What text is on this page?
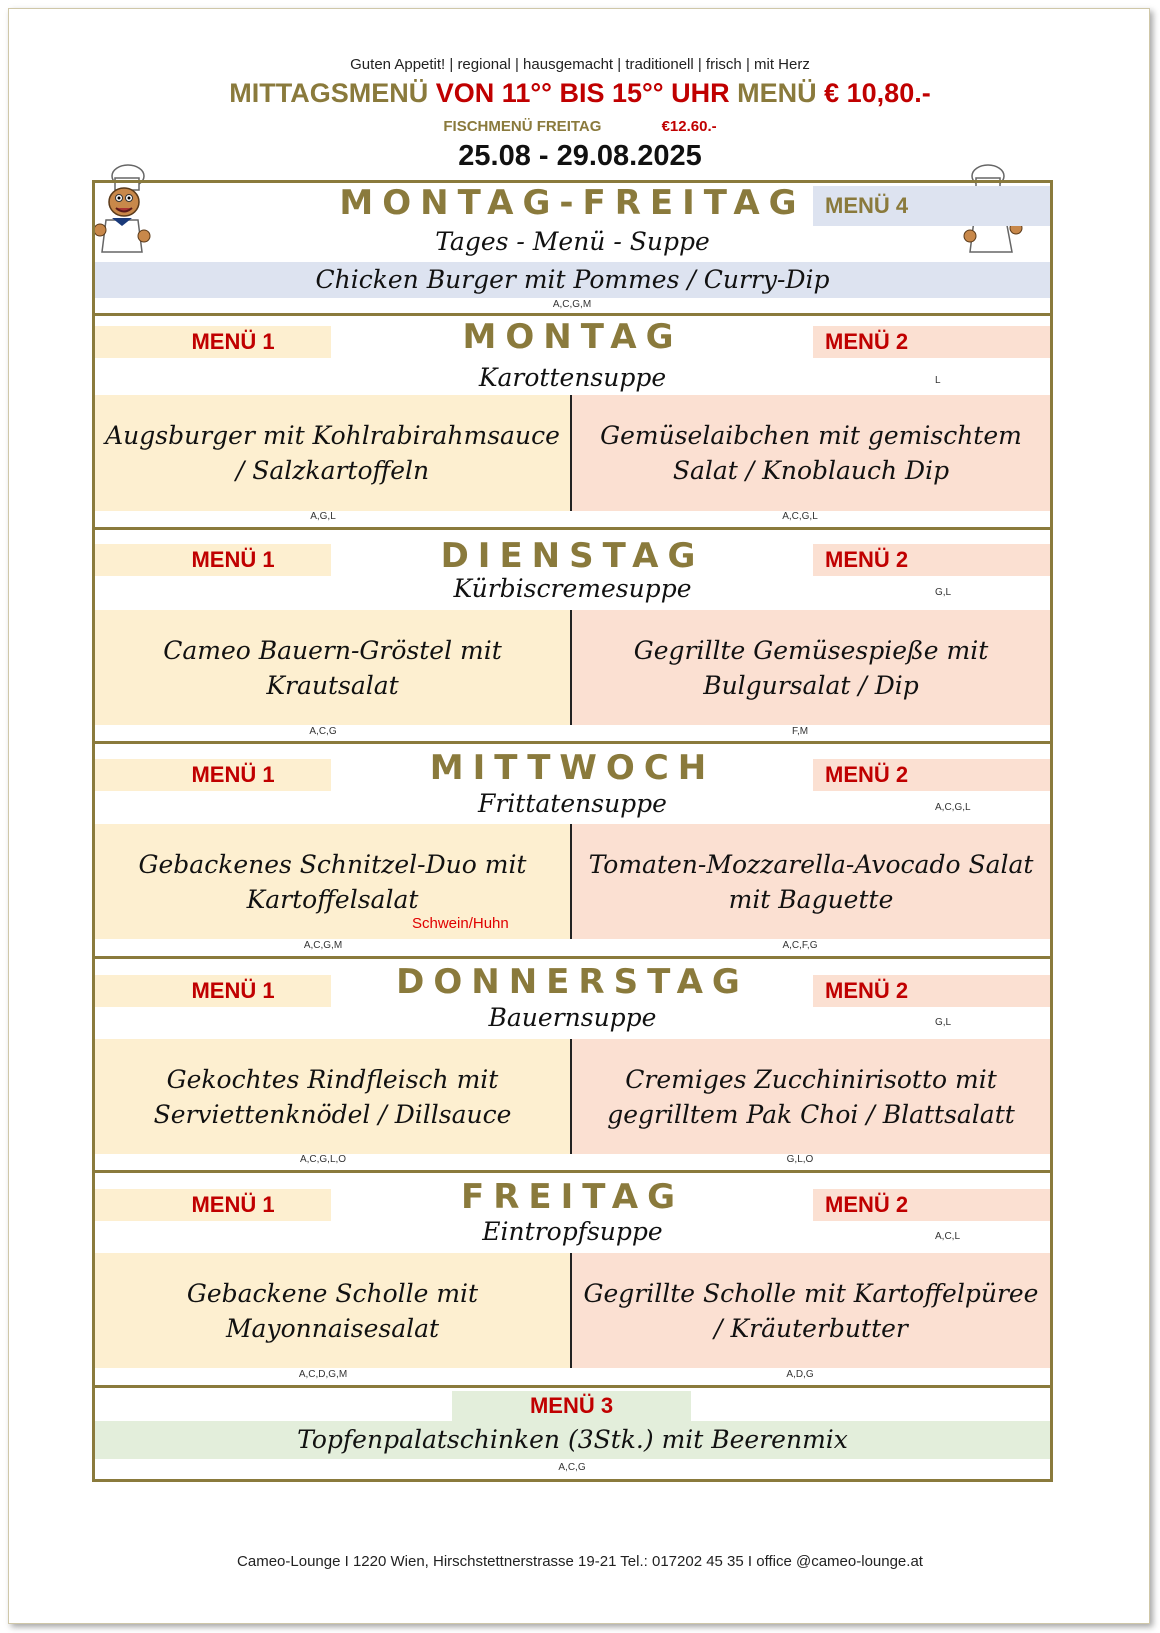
Guten Appetit! | regional | hausgemacht | traditionell | frisch | mit Herz
MITTAGSMENÜ VON 11°° BIS 15°° UHR MENÜ € 10,80.-
FISCHMENÜ FREITAG	€12.60.-
25.08 - 29.08.2025
MONTAG-FREITAG MENÜ 4
Tages - Menü - Suppe
Chicken Burger mit Pommes / Curry-Dip
A,C,G,M
MONTAG
MENÜ 1	MENÜ 2
Karottensuppe	L
Augsburger mit Kohlrabirahmsauce / Salzkartoffeln
Gemüselaibchen mit gemischtem Salat / Knoblauch Dip
A,G,L	A,C,G,L
DIENSTAG
MENÜ 1	MENÜ 2
Kürbiscremesuppe	G,L
Cameo Bauern-Gröstel mit Krautsalat
Gegrillte Gemüsespieße mit Bulgursalat / Dip
A,C,G	F,M
MITTWOCH
MENÜ 1	MENÜ 2
Frittatensuppe	A,C,G,L
Gebackenes Schnitzel-Duo mit Kartoffelsalat
Schwein/Huhn
Tomaten-Mozzarella-Avocado Salat mit Baguette
A,C,G,M	A,C,F,G
DONNERSTAG
MENÜ 1	MENÜ 2
Bauernsuppe	G,L
Gekochtes Rindfleisch mit Serviettenknödel / Dillsauce
Cremiges Zucchinirisotto mit gegrilltem Pak Choi / Blattsalatt
A,C,G,L,O	G,L,O
FREITAG
MENÜ 1	MENÜ 2
Eintropfsuppe	A,C,L
Gebackene Scholle mit Mayonnaisesalat
Gegrillte Scholle mit Kartoffelpüree / Kräuterbutter
A,C,D,G,M	A,D,G
MENÜ 3
Topfenpalatschinken (3Stk.) mit Beerenmix
A,C,G
Cameo-Lounge I 1220 Wien, Hirschstettnerstrasse 19-21 Tel.: 017202 45 35 I office @cameo-lounge.at
